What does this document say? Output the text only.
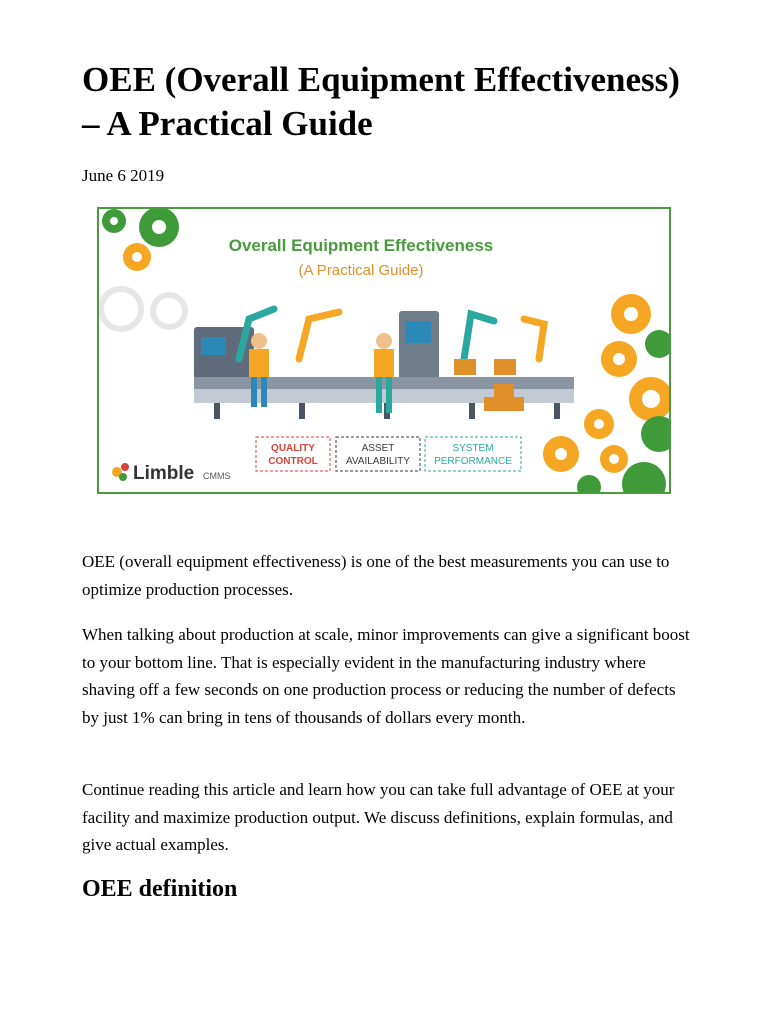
OEE (Overall Equipment Effectiveness) – A Practical Guide
June 6 2019
Overall Equipment Effectiveness
(A Practical Guide)
QUALITY
CONTROL
ASSET
AVAILABILITY
SYSTEM
PERFORMANCE
Limble CMMS

OEE (overall equipment effectiveness) is one of the best measurements you can use to optimize production processes.

When talking about production at scale, minor improvements can give a significant boost to your bottom line. That is especially evident in the manufacturing industry where shaving off a few seconds on one production process or reducing the number of defects by just 1% can bring in tens of thousands of dollars every month.

Continue reading this article and learn how you can take full advantage of OEE at your facility and maximize production output. We discuss definitions, explain formulas, and give actual examples.

OEE definition
